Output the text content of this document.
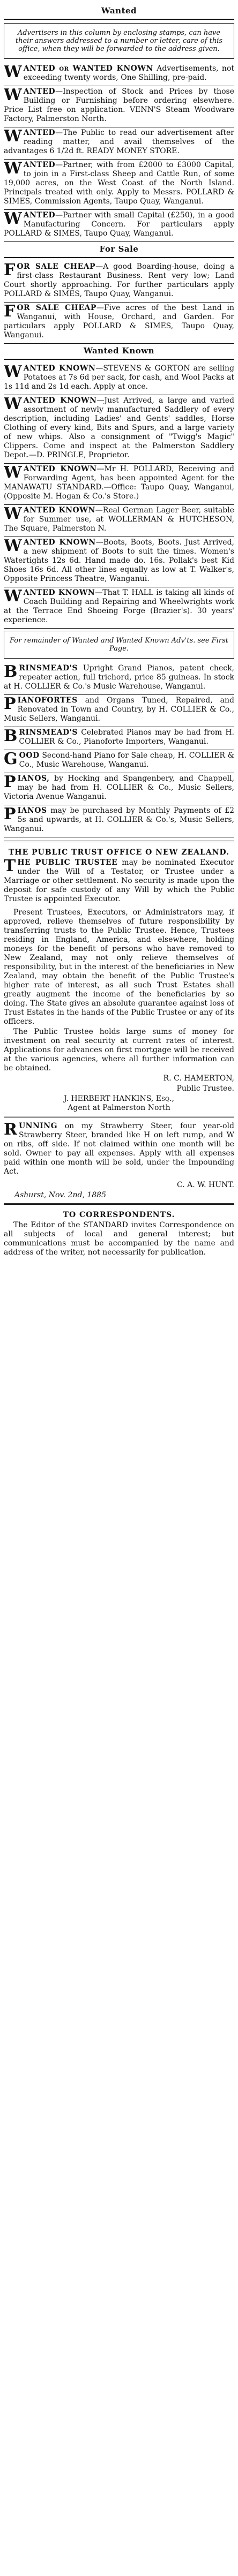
Wanted
Advertisers in this column by enclosing stamps, can have their answers addressed to a number or letter, care of this office, when they will be forwarded to the address given.

WANTED or WANTED KNOWN Advertisements, not exceeding twenty words, One Shilling, pre-paid.

WANTED—Inspection of Stock and Prices by those Building or Furnishing before ordering elsewhere. Price List free on application. VENN'S Steam Woodware Factory, Palmerston North.

WANTED—The Public to read our advertisement after reading matter, and avail themselves of the advantages 6 1/2d ft. READY MONEY STORE.

WANTED—Partner, with from £2000 to £3000 Capital, to join in a First-class Sheep and Cattle Run, of some 19,000 acres, on the West Coast of the North Island. Principals treated with only. Apply to Messrs. POLLARD & SIMES, Commission Agents, Taupo Quay, Wanganui.

WANTED—Partner with small Capital (£250), in a good Manufacturing Concern. For particulars apply POLLARD & SIMES, Taupo Quay, Wanganui.

For Sale

FOR SALE CHEAP—A good Boarding-house, doing a first-class Restaurant Business. Rent very low; Land Court shortly approaching. For further particulars apply POLLARD & SIMES, Taupo Quay, Wanganui.

FOR SALE CHEAP—Five acres of the best Land in Wanganui, with House, Orchard, and Garden. For particulars apply POLLARD & SIMES, Taupo Quay, Wanganui.

Wanted Known

WANTED KNOWN—STEVENS & GORTON are selling Potatoes at 7s 6d per sack, for cash, and Wool Packs at 1s 11d and 2s 1d each. Apply at once.

WANTED KNOWN—Just Arrived, a large and varied assortment of newly manufactured Saddlery of every description, including Ladies' and Gents' saddles, Horse Clothing of every kind, Bits and Spurs, and a large variety of new whips. Also a consignment of "Twigg's Magic" Clippers. Come and inspect at the Palmerston Saddlery Depot.—D. PRINGLE, Proprietor.

WANTED KNOWN—Mr H. POLLARD, Receiving and Forwarding Agent, has been appointed Agent for the MANAWATU STANDARD.—Office: Taupo Quay, Wanganui, (Opposite M. Hogan & Co.'s Store.)

WANTED KNOWN—Real German Lager Beer, suitable for Summer use, at WOLLERMAN & HUTCHESON, The Square, Palmerston N.

WANTED KNOWN—Boots, Boots, Boots. Just Arrived, a new shipment of Boots to suit the times. Women's Watertights 12s 6d. Hand made do. 16s. Pollak's best Kid Shoes 16s 6d. All other lines equally as low at T. Walker's, Opposite Princess Theatre, Wanganui.

WANTED KNOWN—That T. HALL is taking all kinds of Coach Building and Repairing and Wheelwrights work at the Terrace End Shoeing Forge (Brazier's). 30 years' experience.

For remainder of Wanted and Wanted Known Adv'ts. see First Page.

BRINSMEAD'S Upright Grand Pianos, patent check, repeater action, full trichord, price 85 guineas. In stock at H. COLLIER & Co.'s Music Warehouse, Wanganui.

PIANOFORTES and Organs Tuned, Repaired, and Renovated in Town and Country, by H. COLLIER & Co., Music Sellers, Wanganui.

BRINSMEAD'S Celebrated Pianos may be had from H. COLLIER & Co., Pianoforte Importers, Wanganui.

GOOD Second-hand Piano for Sale cheap, H. COLLIER & Co., Music Warehouse, Wanganui.

PIANOS, by Hocking and Spangenbery, and Chappell, may be had from H. COLLIER & Co., Music Sellers, Victoria Avenue Wanganui.

PIANOS may be purchased by Monthly Payments of £2 5s and upwards, at H. COLLIER & Co.'s, Music Sellers, Wanganui.

THE PUBLIC TRUST OFFICE O NEW ZEALAND.

THE PUBLIC TRUSTEE may be nominated Executor under the Will of a Testator, or Trustee under a Marriage or other settlement. No security is made upon the deposit for safe custody of any Will by which the Public Trustee is appointed Executor.

Present Trustees, Executors, or Administrators may, if approved, relieve themselves of future responsibility by transferring trusts to the Public Trustee. Hence, Trustees residing in England, America, and elsewhere, holding moneys for the benefit of persons who have removed to New Zealand, may not only relieve themselves of responsibility, but in the interest of the beneficiaries in New Zealand, may obtain the benefit of the Public Trustee's higher rate of interest, as all such Trust Estates shall greatly augment the income of the beneficiaries by so doing. The State gives an absolute guarantee against loss of Trust Estates in the hands of the Public Trustee or any of its officers.

The Public Trustee holds large sums of money for investment on real security at current rates of interest. Applications for advances on first mortgage will be received at the various agencies, where all further information can be obtained.

R. C. HAMERTON,
Public Trustee.
J. HERBERT HANKINS, Esq.,
Agent at Palmerston North

RUNNING on my Strawberry Steer, four year-old Strawberry Steer, branded like H on left rump, and W on ribs, off side. If not claimed within one month will be sold. Owner to pay all expenses. Apply with all expenses paid within one month will be sold, under the Impounding Act.

C. A. W. HUNT.
Ashurst, Nov. 2nd, 1885
TO CORRESPONDENTS.

The Editor of the STANDARD invites Correspondence on all subjects of local and general interest; but communications must be accompanied by the name and address of the writer, not necessarily for publication.
